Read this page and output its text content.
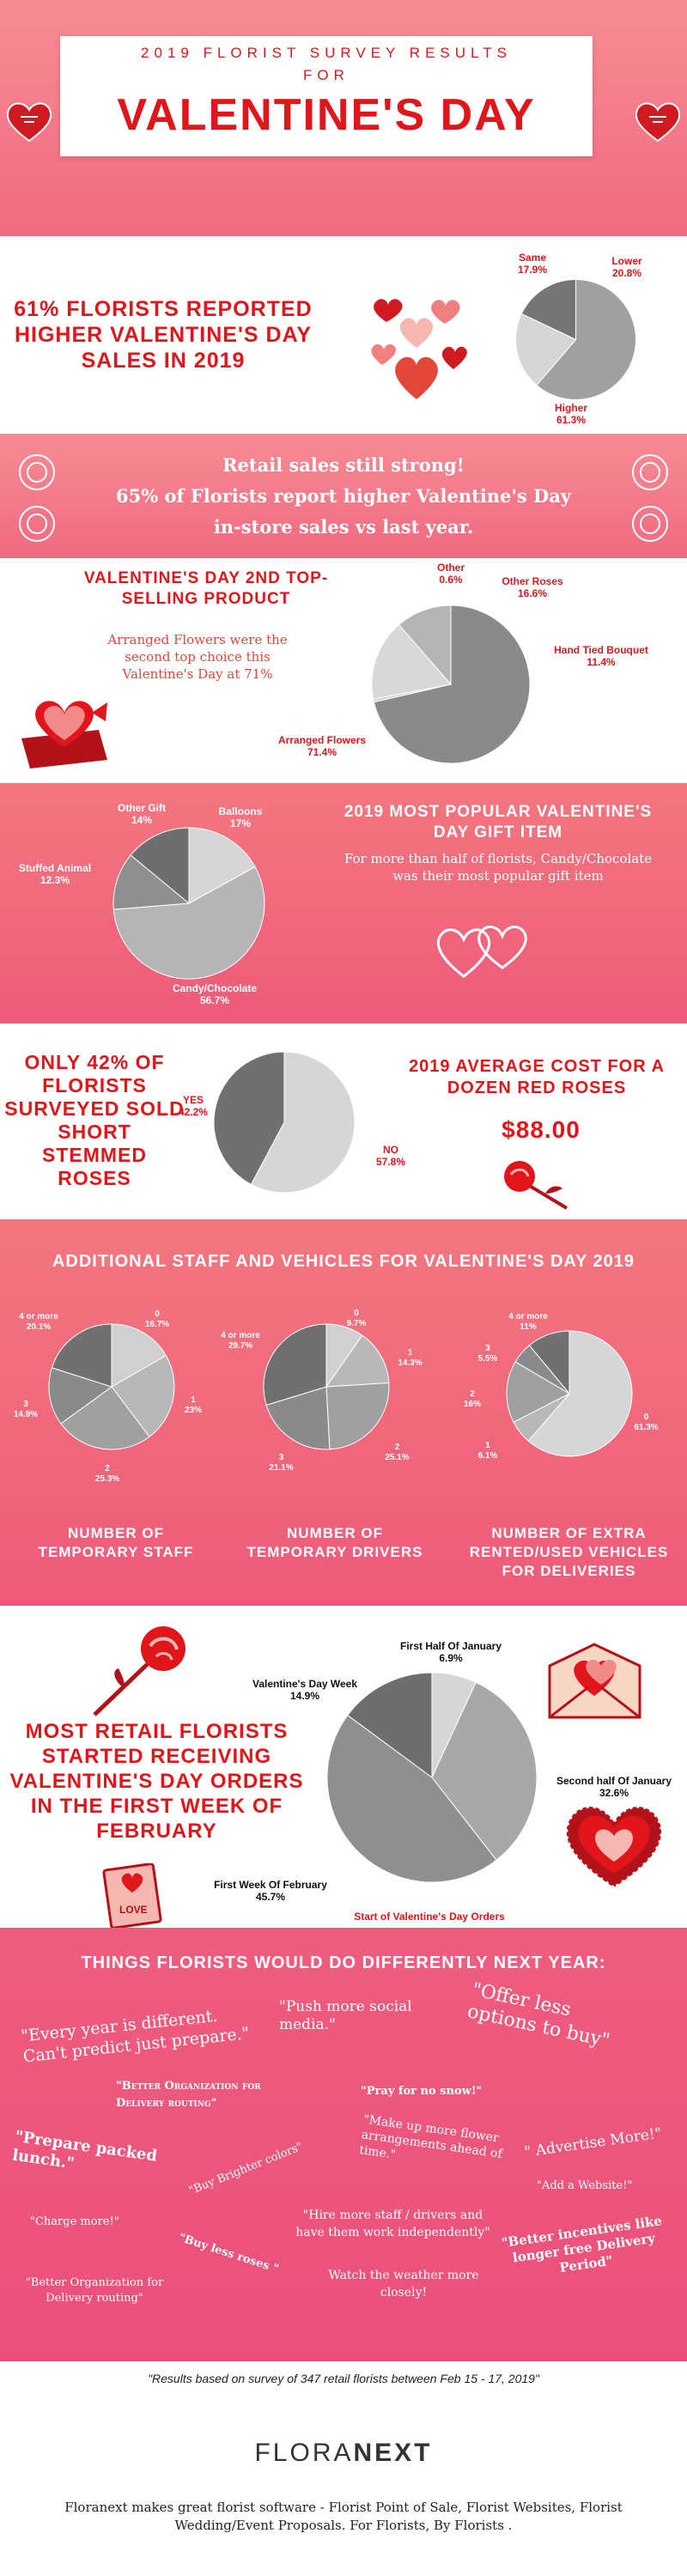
2019 FLORIST SURVEY RESULTS
FOR
VALENTINE'S DAY
61% FLORISTS REPORTED HIGHER VALENTINE'S DAY SALES IN 2019
Same
17.9%
Lower
20.8%
Higher
61.3%
Retail sales still strong!
65% of Florists report higher Valentine's Day
in-store sales vs last year.
VALENTINE'S DAY 2ND TOP-SELLING PRODUCT
Arranged Flowers were the second top choice this Valentine's Day at 71%
Other
0.6%	Other Roses
16.6%
Hand Tied Bouquet
11.4%
Arranged Flowers
71.4%
Other Gift
14%
Balloons
17%
Stuffed Animal
12.3%
Candy/Chocolate
56.7%
2019 MOST POPULAR VALENTINE'S DAY GIFT ITEM
For more than half of florists, Candy/Chocolate was their most popular gift item
ONLY 42% OF FLORISTS SURVEYED SOLD SHORT STEMMED ROSES
YES
42.2%
NO
57.8%
2019 AVERAGE COST FOR A DOZEN RED ROSES
$88.00
ADDITIONAL STAFF AND VEHICLES FOR VALENTINE'S DAY 2019
0
16.7%
1
23%
2
25.3%
3
14.9%
4 or more
20.1%
0
9.7%
1
14.3%
2
25.1%
3
21.1%
4 or more
29.7%
0
61.3%
1
6.1%
2
16%
3
5.5%
4 or more
11%
NUMBER OF TEMPORARY STAFF
NUMBER OF TEMPORARY DRIVERS
NUMBER OF EXTRA RENTED/USED VEHICLES FOR DELIVERIES
MOST RETAIL FLORISTS STARTED RECEIVING VALENTINE'S DAY ORDERS IN THE FIRST WEEK OF FEBRUARY
LOVE
First Half Of January
6.9%
Second half Of January
32.6%
First Week Of February
45.7%
Valentine's Day Week
14.9%
Start of Valentine's Day Orders
THINGS FLORISTS WOULD DO DIFFERENTLY NEXT YEAR:
"Every year is different. Can't predict just prepare."
"Push more social media."
"Offer less options to buy"
"Better Organization for Delivery routing"
"Pray for no snow!"
"Prepare packed lunch."
"Make up more flower arrangements ahead of time."	" Advertise More!"
"Buy Brighter colors"	"Add a Website!"
"Charge more!"	"Hire more staff / drivers and have them work independently"
"Buy less roses "	"Better incentives like longer free Delivery Period"
"Better Organization for Delivery routing"
Watch the weather more closely!
"Results based on survey of 347 retail florists between Feb 15 - 17, 2019"
FLORANEXT
Floranext makes great florist software - Florist Point of Sale, Florist Websites, Florist Wedding/Event Proposals. For Florists, By Florists .
